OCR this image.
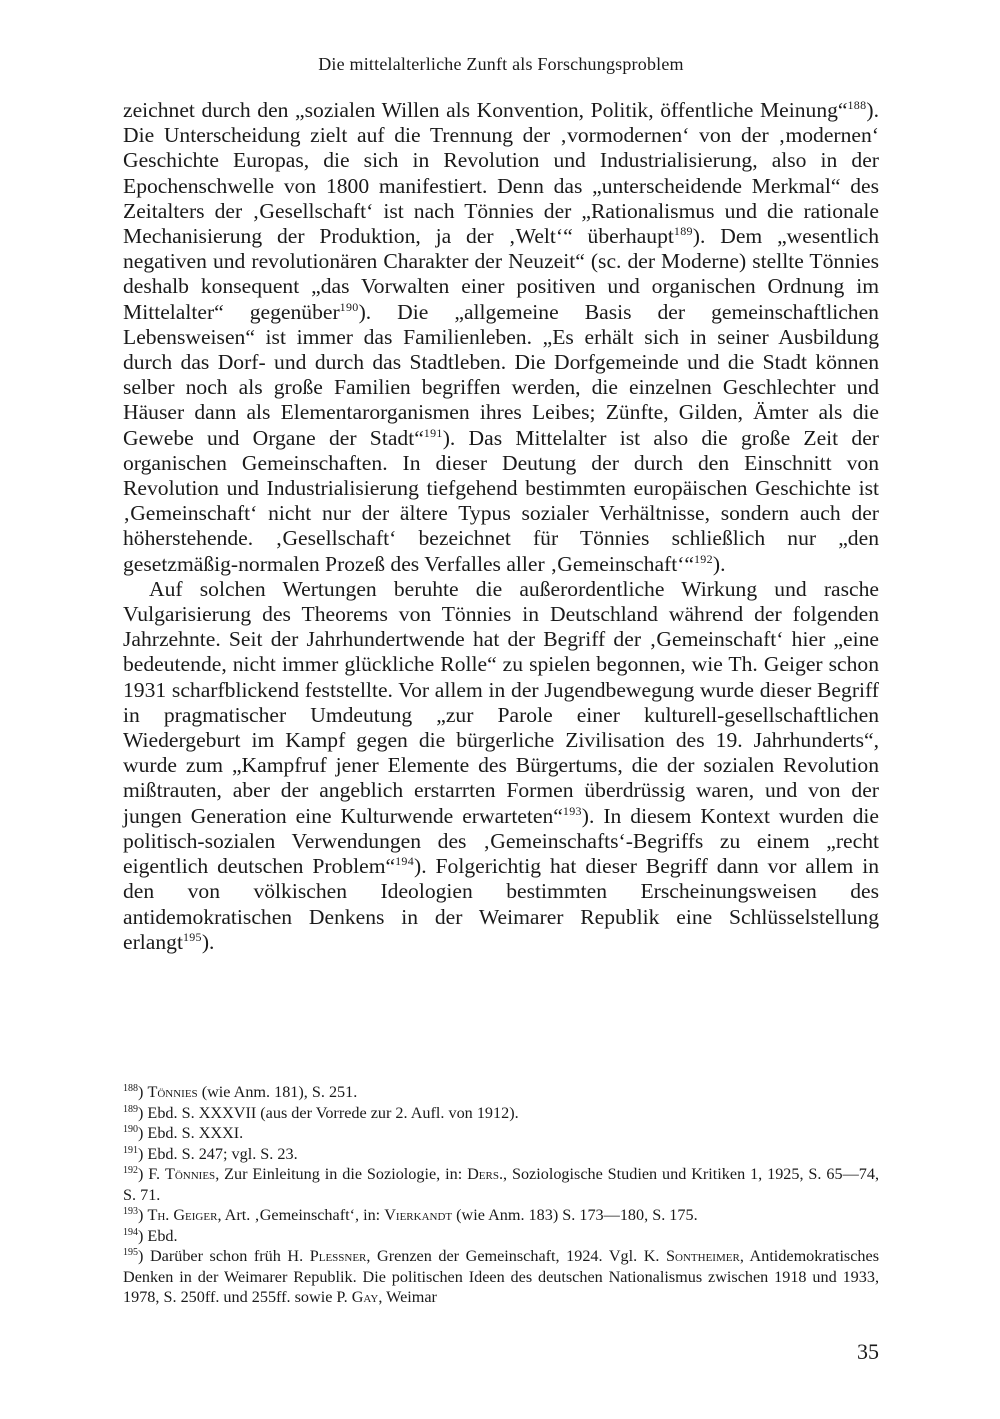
Die mittelalterliche Zunft als Forschungsproblem

zeichnet durch den „sozialen Willen als Konvention, Politik, öffentliche Meinung“$^{188}$). Die Unterscheidung zielt auf die Trennung der ‚vormodernen‘ von der ‚modernen‘ Geschichte Europas, die sich in Revolution und Industrialisierung, also in der Epochenschwelle von 1800 manifestiert. Denn das „unterscheidende Merkmal“ des Zeitalters der ‚Gesellschaft‘ ist nach Tönnies der „Rationalismus und die rationale Mechanisierung der Produktion, ja der ‚Welt‘“ überhaupt$^{189}$). Dem „wesentlich negativen und revolutionären Charakter der Neuzeit“ (sc. der Moderne) stellte Tönnies deshalb konsequent „das Vorwalten einer positiven und organischen Ordnung im Mittelalter“ gegenüber$^{190}$). Die „allgemeine Basis der gemeinschaftlichen Lebensweisen“ ist immer das Familienleben. „Es erhält sich in seiner Ausbildung durch das Dorf- und durch das Stadtleben. Die Dorfgemeinde und die Stadt können selber noch als große Familien begriffen werden, die einzelnen Geschlechter und Häuser dann als Elementarorganismen ihres Leibes; Zünfte, Gilden, Ämter als die Gewebe und Organe der Stadt“$^{191}$). Das Mittelalter ist also die große Zeit der organischen Gemeinschaften. In dieser Deutung der durch den Einschnitt von Revolution und Industrialisierung tiefgehend bestimmten europäischen Geschichte ist ‚Gemeinschaft‘ nicht nur der ältere Typus sozialer Verhältnisse, sondern auch der höherstehende. ‚Gesellschaft‘ bezeichnet für Tönnies schließlich nur „den gesetzmäßig-normalen Prozeß des Verfalles aller ‚Gemeinschaft‘“$^{192}$).

Auf solchen Wertungen beruhte die außerordentliche Wirkung und rasche Vulgarisierung des Theorems von Tönnies in Deutschland während der folgenden Jahrzehnte. Seit der Jahrhundertwende hat der Begriff der ‚Gemeinschaft‘ hier „eine bedeutende, nicht immer glückliche Rolle“ zu spielen begonnen, wie Th. Geiger schon 1931 scharfblickend feststellte. Vor allem in der Jugendbewegung wurde dieser Begriff in pragmatischer Umdeutung „zur Parole einer kulturell-gesellschaftlichen Wiedergeburt im Kampf gegen die bürgerliche Zivilisation des 19. Jahrhunderts“, wurde zum „Kampfruf jener Elemente des Bürgertums, die der sozialen Revolution mißtrauten, aber der angeblich erstarrten Formen überdrüssig waren, und von der jungen Generation eine Kulturwende erwarteten“$^{193}$). In diesem Kontext wurden die politisch-sozialen Verwendungen des ‚Gemeinschafts‘-Begriffs zu einem „recht eigentlich deutschen Problem“$^{194}$). Folgerichtig hat dieser Begriff dann vor allem in den von völkischen Ideologien bestimmten Erscheinungsweisen des antidemokratischen Denkens in der Weimarer Republik eine Schlüsselstellung erlangt$^{195}$).

$^{188}$) Tönnies (wie Anm. 181), S. 251.
$^{189}$) Ebd. S. XXXVII (aus der Vorrede zur 2. Aufl. von 1912).
$^{190}$) Ebd. S. XXXI.
$^{191}$) Ebd. S. 247; vgl. S. 23.
$^{192}$) F. Tönnies, Zur Einleitung in die Soziologie, in: Ders., Soziologische Studien und Kritiken 1, 1925, S. 65—74, S. 71.
$^{193}$) Th. Geiger, Art. ‚Gemeinschaft‘, in: Vierkandt (wie Anm. 183) S. 173—180, S. 175.
$^{194}$) Ebd.
$^{195}$) Darüber schon früh H. Plessner, Grenzen der Gemeinschaft, 1924. Vgl. K. Sontheimer, Antidemokratisches Denken in der Weimarer Republik. Die politischen Ideen des deutschen Nationalismus zwischen 1918 und 1933, 1978, S. 250ff. und 255ff. sowie P. Gay, Weimar
35
